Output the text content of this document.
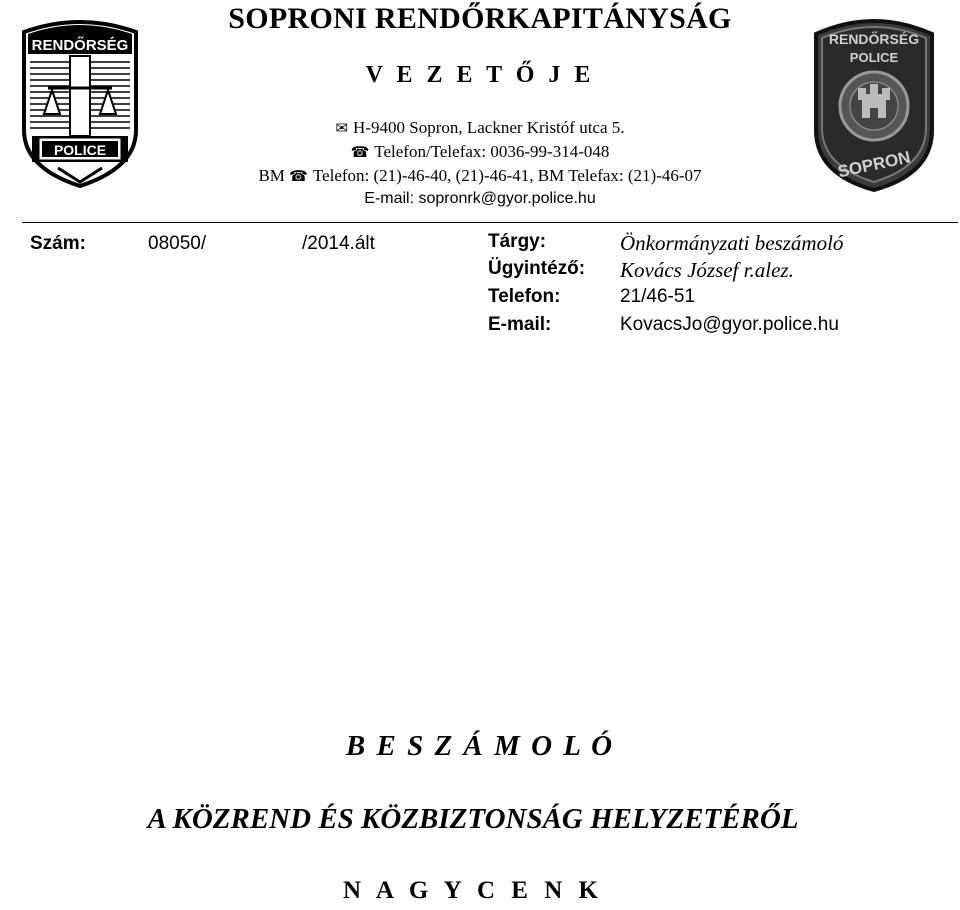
RENDŐRSÉG
POLICE
RENDŐRSÉG
POLICE
SOPRON
SOPRONI RENDŐRKAPITÁNYSÁG
V E Z E T Ő J E
✉ H-9400 Sopron, Lackner Kristóf utca 5.
☎ Telefon/Telefax: 0036-99-314-048
BM ☎ Telefon: (21)-46-40, (21)-46-41, BM Telefax: (21)-46-07
E-mail: sopronrk@gyor.police.hu
Szám:	08050/	/2014.ált	Tárgy:	Önkormányzati beszámoló
Ügyintéző: Kovács József r.alez.
Telefon:	21/46-51
E-mail:	KovacsJo@gyor.police.hu
B E S Z Á M O L Ó
A KÖZREND ÉS KÖZBIZTONSÁG HELYZETÉRŐL
N A G Y C E N K
